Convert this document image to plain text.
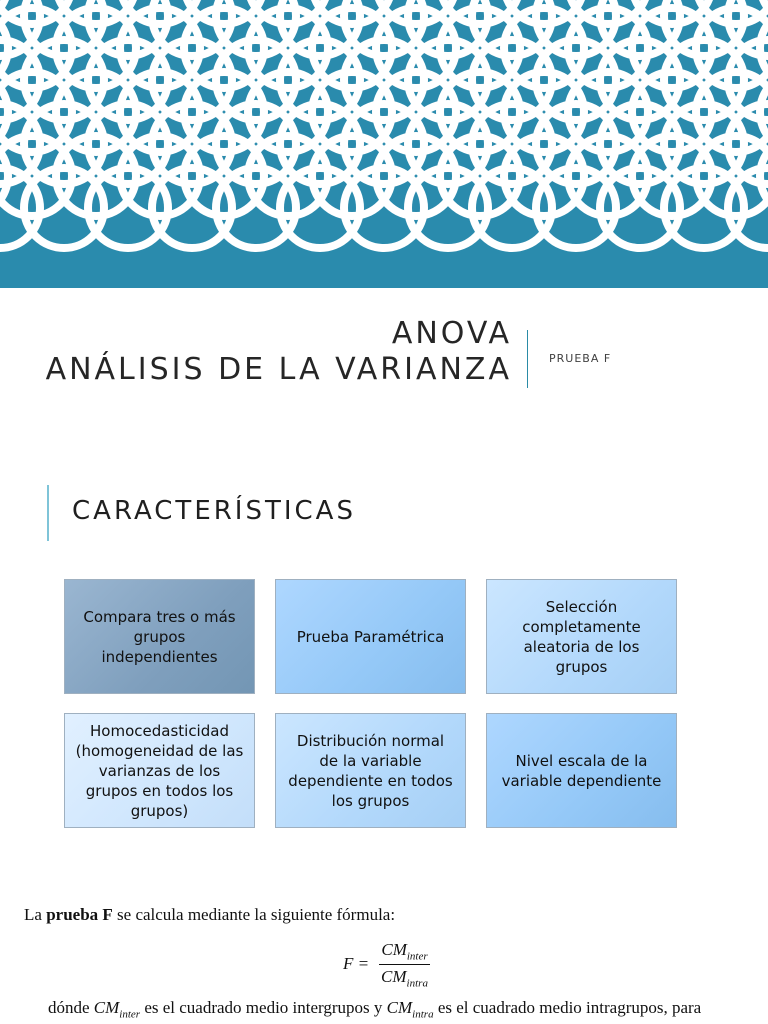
ANOVA
ANÁLISIS DE LA VARIANZA	PRUEBA F
CARACTERÍSTICAS
Compara tres o más grupos independientes
Prueba Paramétrica
Selección completamente aleatoria de los grupos
Homocedasticidad (homogeneidad de las varianzas de los grupos en todos los grupos)
Distribución normal de la variable dependiente en todos los grupos
Nivel escala de la variable dependiente
La prueba F se calcula mediante la siguiente fórmula:
$F = \frac{CM_{inter}}{CM_{intra}}$
dónde $CM_{inter}$ es el cuadrado medio intergrupos y $CM_{intra}$ es el cuadrado medio intragrupos, para
